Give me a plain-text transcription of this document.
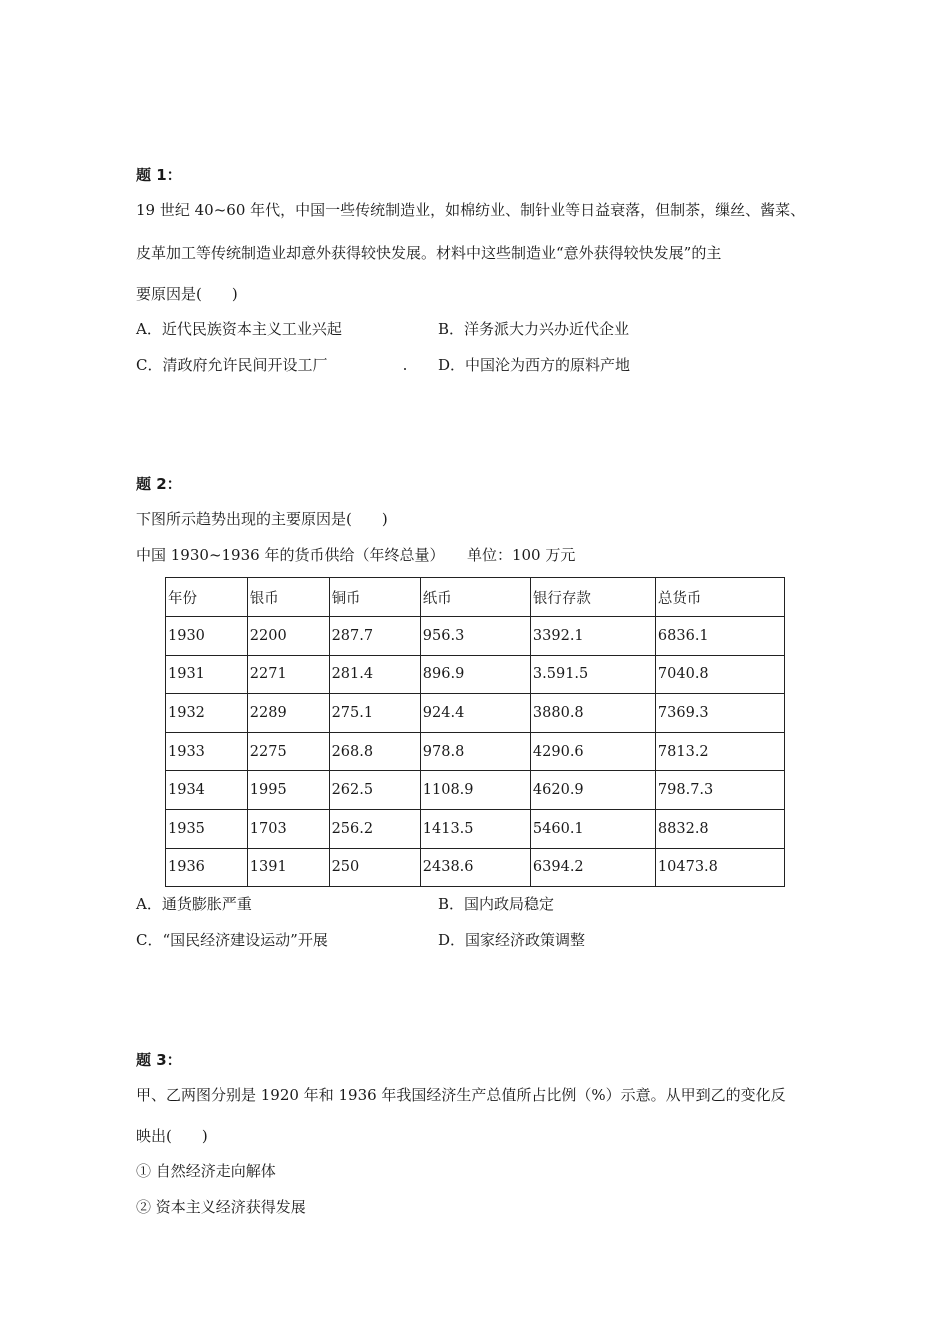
题 1：
19 世纪 40~60 年代，中国一些传统制造业，如棉纺业、制针业等日益衰落，但制茶，缫丝、酱菜、
皮革加工等传统制造业却意外获得较快发展。材料中这些制造业“意外获得较快发展”的主
要原因是(　　)
A．近代民族资本主义工业兴起	B．洋务派大力兴办近代企业
C．清政府允许民间开设工厂	D．中国沦为西方的原料产地
题 2：
下图所示趋势出现的主要原因是(　　)
中国 1930~1936 年的货币供给（年终总量）　　单位：100 万元
年份	银币	铜币	纸币	银行存款	总货币
1930	2200	287.7	956.3	3392.1	6836.1
1931	2271	281.4	896.9	3.591.5	7040.8
1932	2289	275.1	924.4	3880.8	7369.3
1933	2275	268.8	978.8	4290.6	7813.2
1934	1995	262.5	1108.9	4620.9	798.7.3
1935	1703	256.2	1413.5	5460.1	8832.8
1936	1391	250	2438.6	6394.2	10473.8
A．通货膨胀严重	B．国内政局稳定
C．“国民经济建设运动”开展	D．国家经济政策调整
题 3：
甲、乙两图分别是 1920 年和 1936 年我国经济生产总值所占比例（%）示意。从甲到乙的变化反
映出(　　)
① 自然经济走向解体
② 资本主义经济获得发展
